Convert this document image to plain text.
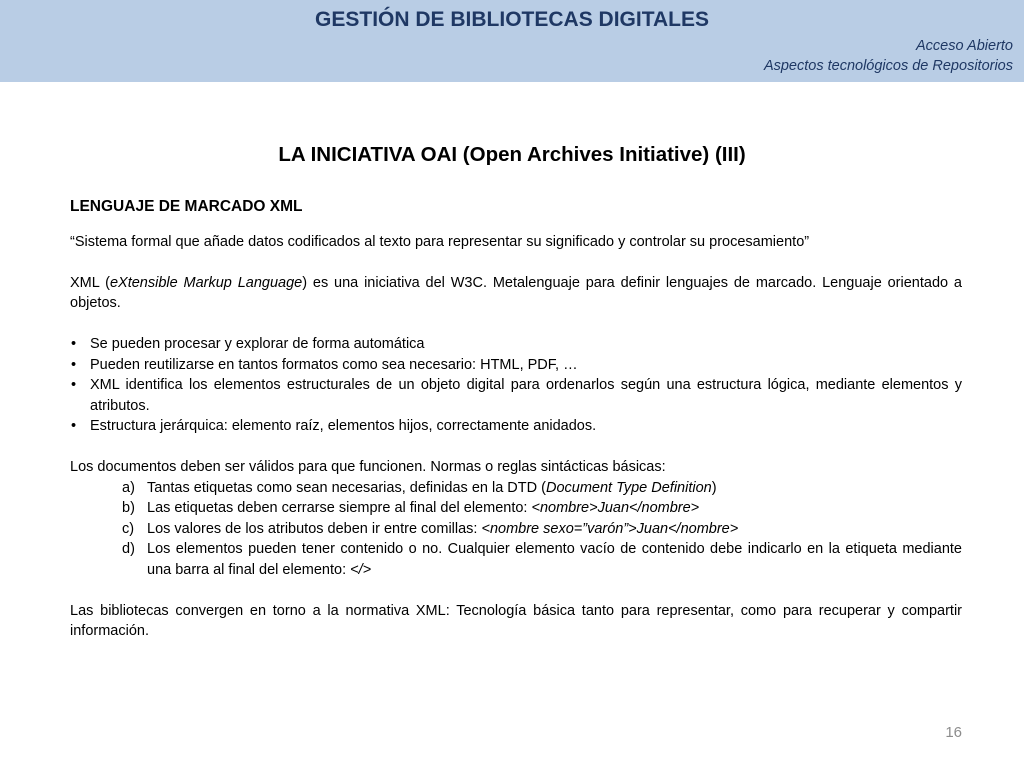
GESTIÓN DE BIBLIOTECAS DIGITALES
Acceso Abierto
Aspectos tecnológicos de Repositorios
LA INICIATIVA OAI (Open Archives Initiative) (III)

LENGUAJE DE MARCADO XML

“Sistema formal que añade datos codificados al texto para representar su significado y controlar su procesamiento”

XML (eXtensible Markup Language) es una iniciativa del W3C. Metalenguaje para definir lenguajes de marcado. Lenguaje orientado a objetos.

• Se pueden procesar y explorar de forma automática
• Pueden reutilizarse en tantos formatos como sea necesario: HTML, PDF, …
• XML identifica los elementos estructurales de un objeto digital para ordenarlos según una estructura lógica, mediante elementos y atributos.
• Estructura jerárquica: elemento raíz, elementos hijos, correctamente anidados.

Los documentos deben ser válidos para que funcionen. Normas o reglas sintácticas básicas:

a) Tantas etiquetas como sean necesarias, definidas en la DTD (Document Type Definition)
b) Las etiquetas deben cerrarse siempre al final del elemento: <nombre>Juan</nombre>
c) Los valores de los atributos deben ir entre comillas: <nombre sexo=”varón”>Juan</nombre>
d) Los elementos pueden tener contenido o no. Cualquier elemento vacío de contenido debe indicarlo en la etiqueta mediante una barra al final del elemento: </>

Las bibliotecas convergen en torno a la normativa XML: Tecnología básica tanto para representar, como para recuperar y compartir información.

16
